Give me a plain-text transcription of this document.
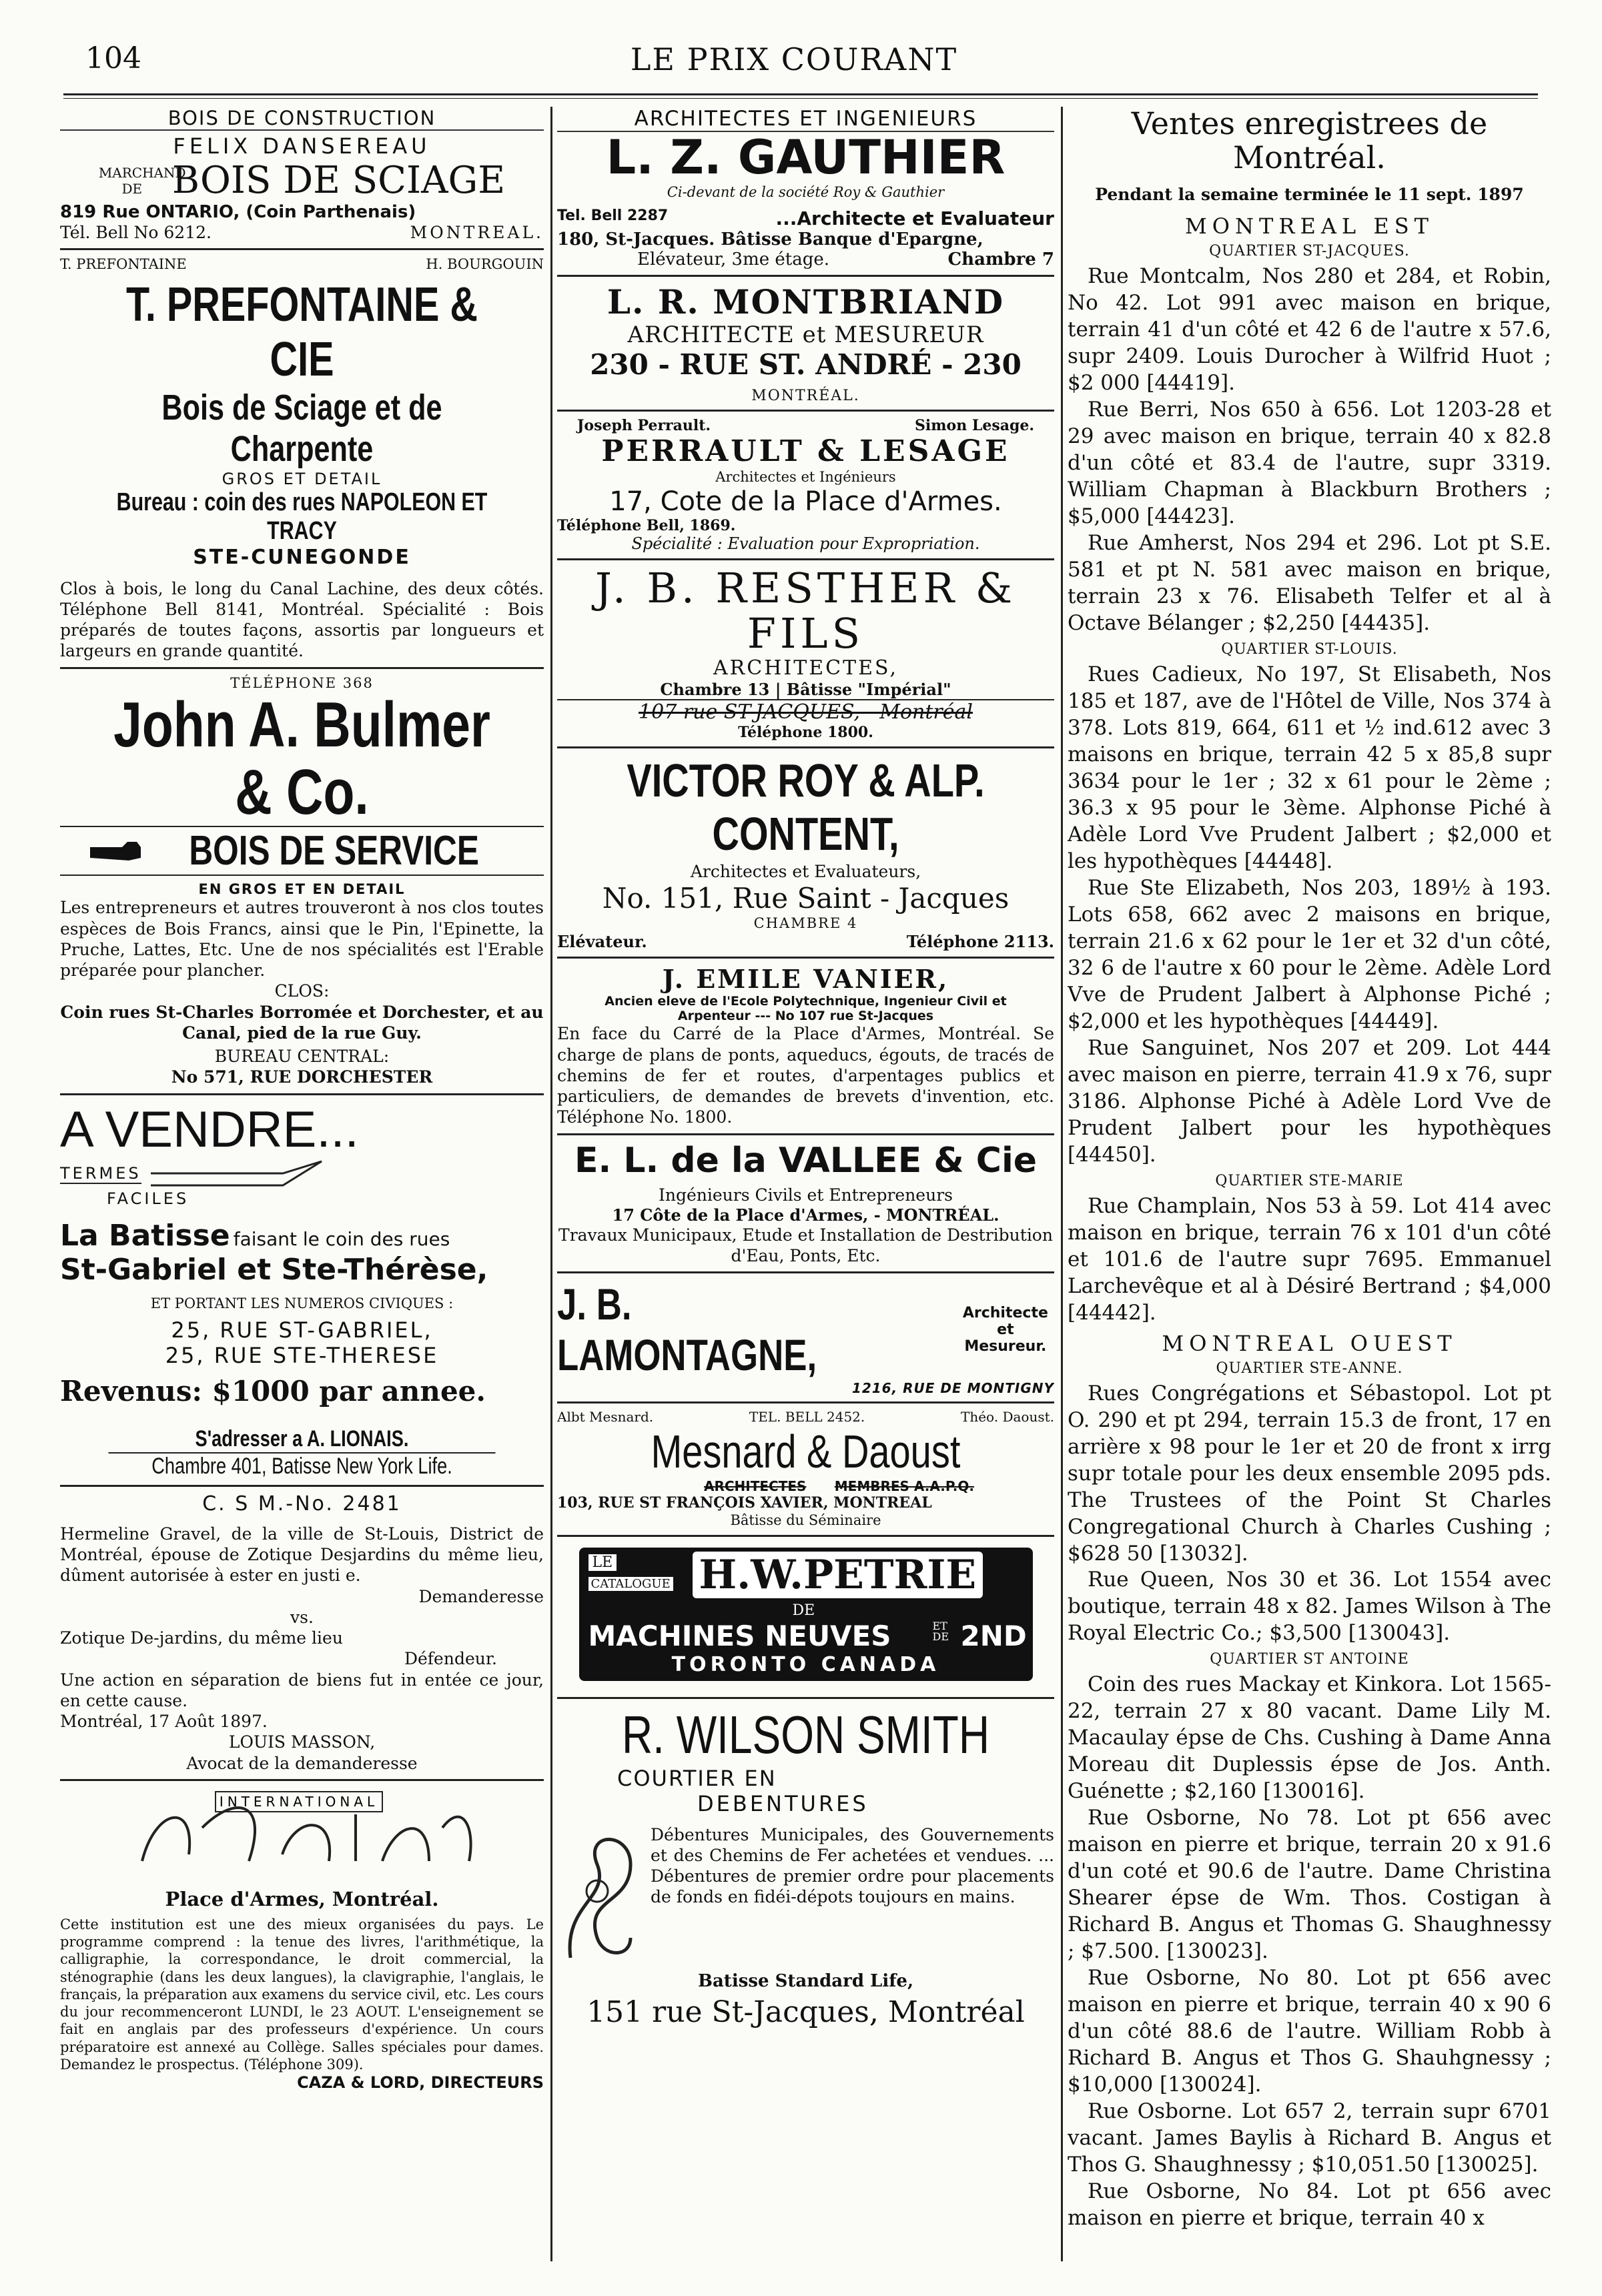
104	LE PRIX COURANT
BOIS DE CONSTRUCTION
FELIX DANSEREAU
MARCHAND DE BOIS DE SCIAGE
819 Rue ONTARIO, (Coin Parthenais)
Tél. Bell No 6212.	MONTREAL.
T. PREFONTAINE	H. BOURGOUIN
T. PREFONTAINE & CIE
Bois de Sciage et de Charpente
GROS ET DETAIL
Bureau : coin des rues NAPOLEON ET TRACY
STE-CUNEGONDE
Clos à bois, le long du Canal Lachine, des deux côtés. Téléphone Bell 8141, Montréal. Spécialité : Bois préparés de toutes façons, assortis par longueurs et largeurs en grande quantité.
TÉLÉPHONE 368
John A. Bulmer & Co.
BOIS DE SERVICE
EN GROS ET EN DETAIL
Les entrepreneurs et autres trouveront à nos clos toutes espèces de Bois Francs, ainsi que le Pin, l'Epinette, la Pruche, Lattes, Etc. Une de nos spécialités est l'Erable préparée pour plancher.
CLOS:
Coin rues St-Charles Borromée et Dorchester, et au Canal, pied de la rue Guy.
BUREAU CENTRAL:
No 571, RUE DORCHESTER
A VENDRE...
TERMES
FACILES
La Batisse faisant le coin des rues
St-Gabriel et Ste-Thérèse,
ET PORTANT LES NUMEROS CIVIQUES :
25, RUE ST-GABRIEL,
25, RUE STE-THERESE
Revenus: $1000 par annee.
S'adresser a A. LIONAIS.
Chambre 401, Batisse New York Life.
C. S M.-No. 2481
Hermeline Gravel, de la ville de St-Louis, District de Montréal, épouse de Zotique Desjardins du même lieu, dûment autorisée à ester en justi e.
Demanderesse
vs.
Zotique De-jardins, du même lieu
Défendeur.
Une action en séparation de biens fut in entée ce jour, en cette cause.
Montréal, 17 Août 1897.
LOUIS MASSON,
Avocat de la demanderesse
INTERNATIONAL
Place d'Armes, Montréal.
Cette institution est une des mieux organisées du pays. Le programme comprend : la tenue des livres, l'arithmétique, la calligraphie, la correspondance, le droit commercial, la sténographie (dans les deux langues), la clavigraphie, l'anglais, le français, la préparation aux examens du service civil, etc. Les cours du jour recommenceront LUNDI, le 23 AOUT. L'enseignement se fait en anglais par des professeurs d'expérience. Un cours préparatoire est annexé au Collège. Salles spéciales pour dames. Demandez le prospectus. (Téléphone 309).
CAZA & LORD, DIRECTEURS
ARCHITECTES ET INGENIEURS
L. Z. GAUTHIER
Ci-devant de la société Roy & Gauthier
Tel. Bell 2287	...Architecte et Evaluateur
180, St-Jacques. Bâtisse Banque d'Epargne,
Elévateur, 3me étage.	Chambre 7
L. R. MONTBRIAND
ARCHITECTE et MESUREUR
230 - RUE ST. ANDRÉ - 230
MONTRÉAL.
Joseph Perrault.	Simon Lesage.
PERRAULT & LESAGE
Architectes et Ingénieurs
17, Cote de la Place d'Armes.
Téléphone Bell, 1869.
Spécialité : Evaluation pour Expropriation.
J. B. RESTHER & FILS
ARCHITECTES,
Chambre 13 | Bâtisse "Impérial"
107 rue ST-JACQUES, - Montréal
Téléphone 1800.
VICTOR ROY & ALP. CONTENT,
Architectes et Evaluateurs,
No. 151, Rue Saint - Jacques
CHAMBRE 4
Elévateur.	Téléphone 2113.
J. EMILE VANIER,
Ancien eleve de l'Ecole Polytechnique, Ingenieur Civil et
Arpenteur --- No 107 rue St-Jacques
En face du Carré de la Place d'Armes, Montréal. Se charge de plans de ponts, aqueducs, égouts, de tracés de chemins de fer et routes, d'arpentages publics et particuliers, de demandes de brevets d'invention, etc. Téléphone No. 1800.
E. L. de la VALLEE & Cie
Ingénieurs Civils et Entrepreneurs
17 Côte de la Place d'Armes, - MONTRÉAL.
Travaux Municipaux, Etude et Installation de Destribution d'Eau, Ponts, Etc.
J. B. LAMONTAGNE,
Architecte et Mesureur.
1216, RUE DE MONTIGNY
Albt Mesnard.	TEL. BELL 2452.	Théo. Daoust.
Mesnard & Daoust
ARCHITECTES MEMBRES A.A.P.Q.
103, RUE ST FRANÇOIS XAVIER, MONTREAL
Bâtisse du Séminaire
LE
CATALOGUE H.W.PETRIE
DE
MACHINES NEUVES	ET DE 2ND
TORONTO CANADA
R. WILSON SMITH
COURTIER EN
DEBENTURES
Débentures Municipales, des Gouvernements et des Chemins de Fer achetées et vendues. ... Débentures de premier ordre pour placements de fonds en fidéi-dépots toujours en mains.
Batisse Standard Life,
151 rue St-Jacques, Montréal
Ventes enregistrees de Montréal.
Pendant la semaine terminée le 11 sept. 1897
MONTREAL EST
QUARTIER ST-JACQUES.

Rue Montcalm, Nos 280 et 284, et Robin, No 42. Lot 991 avec maison en brique, terrain 41 d'un côté et 42 6 de l'autre x 57.6, supr 2409. Louis Durocher à Wilfrid Huot ; $2 000 [44419].

Rue Berri, Nos 650 à 656. Lot 1203-28 et 29 avec maison en brique, terrain 40 x 82.8 d'un côté et 83.4 de l'autre, supr 3319. William Chapman à Blackburn Brothers ; $5,000 [44423].

Rue Amherst, Nos 294 et 296. Lot pt S.E. 581 et pt N. 581 avec maison en brique, terrain 23 x 76. Elisabeth Telfer et al à Octave Bélanger ; $2,250 [44435].

QUARTIER ST-LOUIS.

Rues Cadieux, No 197, St Elisabeth, Nos 185 et 187, ave de l'Hôtel de Ville, Nos 374 à 378. Lots 819, 664, 611 et ½ ind.612 avec 3 maisons en brique, terrain 42 5 x 85,8 supr 3634 pour le 1er ; 32 x 61 pour le 2ème ; 36.3 x 95 pour le 3ème. Alphonse Piché à Adèle Lord Vve Prudent Jalbert ; $2,000 et les hypothèques [44448].

Rue Ste Elizabeth, Nos 203, 189½ à 193. Lots 658, 662 avec 2 maisons en brique, terrain 21.6 x 62 pour le 1er et 32 d'un côté, 32 6 de l'autre x 60 pour le 2ème. Adèle Lord Vve de Prudent Jalbert à Alphonse Piché ; $2,000 et les hypothèques [44449].

Rue Sanguinet, Nos 207 et 209. Lot 444 avec maison en pierre, terrain 41.9 x 76, supr 3186. Alphonse Piché à Adèle Lord Vve de Prudent Jalbert pour les hypothèques [44450].

QUARTIER STE-MARIE

Rue Champlain, Nos 53 à 59. Lot 414 avec maison en brique, terrain 76 x 101 d'un côté et 101.6 de l'autre supr 7695. Emmanuel Larchevêque et al à Désiré Bertrand ; $4,000 [44442].

MONTREAL OUEST
QUARTIER STE-ANNE.

Rues Congrégations et Sébastopol. Lot pt O. 290 et pt 294, terrain 15.3 de front, 17 en arrière x 98 pour le 1er et 20 de front x irrg supr totale pour les deux ensemble 2095 pds. The Trustees of the Point St Charles Congregational Church à Charles Cushing ; $628 50 [13032].

Rue Queen, Nos 30 et 36. Lot 1554 avec boutique, terrain 48 x 82. James Wilson à The Royal Electric Co.; $3,500 [130043].

QUARTIER ST ANTOINE

Coin des rues Mackay et Kinkora. Lot 1565-22, terrain 27 x 80 vacant. Dame Lily M. Macaulay épse de Chs. Cushing à Dame Anna Moreau dit Duplessis épse de Jos. Anth. Guénette ; $2,160 [130016].

Rue Osborne, No 78. Lot pt 656 avec maison en pierre et brique, terrain 20 x 91.6 d'un coté et 90.6 de l'autre. Dame Christina Shearer épse de Wm. Thos. Costigan à Richard B. Angus et Thomas G. Shaughnessy ; $7.500. [130023].

Rue Osborne, No 80. Lot pt 656 avec maison en pierre et brique, terrain 40 x 90 6 d'un côté 88.6 de l'autre. William Robb à Richard B. Angus et Thos G. Shauhgnessy ; $10,000 [130024].

Rue Osborne. Lot 657 2, terrain supr 6701 vacant. James Baylis à Richard B. Angus et Thos G. Shaughnessy ; $10,051.50 [130025].

Rue Osborne, No 84. Lot pt 656 avec maison en pierre et brique, terrain 40 x
